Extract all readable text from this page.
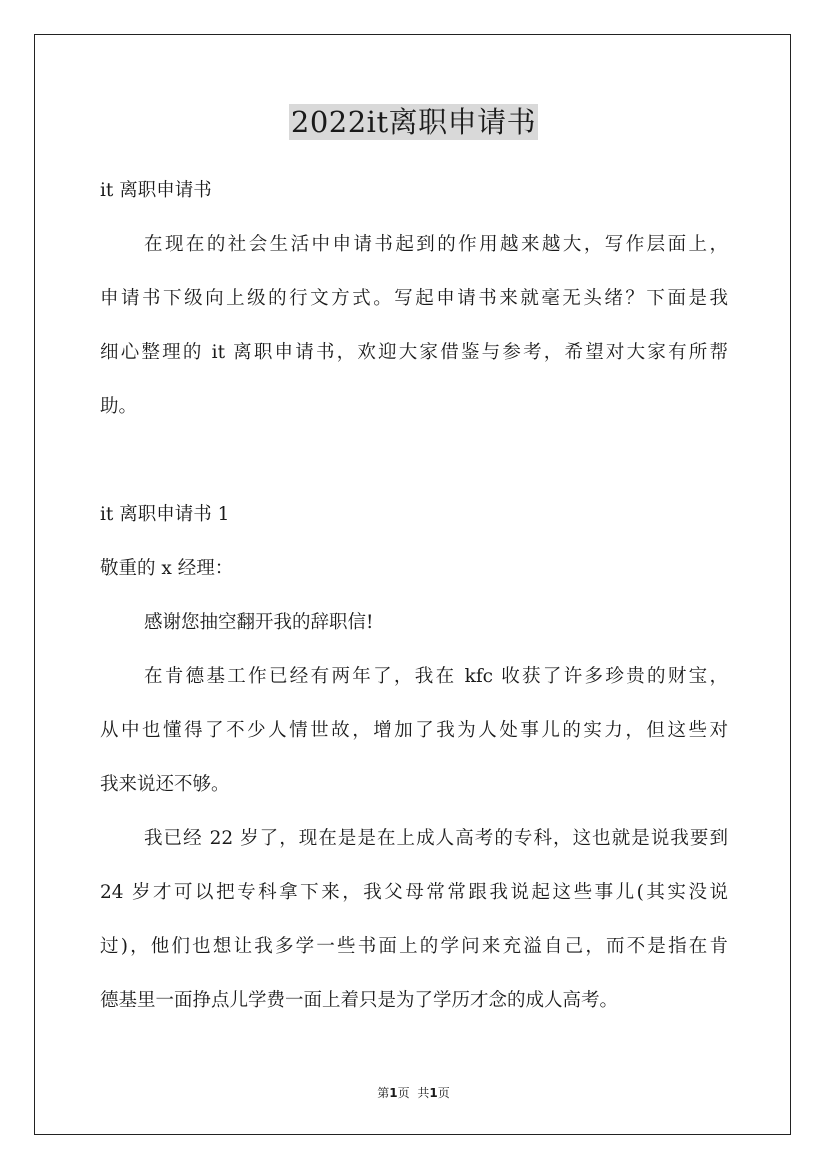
2022it离职申请书
it 离职申请书
在现在的社会生活中申请书起到的作用越来越大，写作层面上，
申请书下级向上级的行文方式。写起申请书来就毫无头绪？下面是我
细心整理的 it 离职申请书，欢迎大家借鉴与参考，希望对大家有所帮
助。
it 离职申请书 1
敬重的 x 经理：
感谢您抽空翻开我的辞职信!
在肯德基工作已经有两年了，我在 kfc 收获了许多珍贵的财宝，
从中也懂得了不少人情世故，增加了我为人处事儿的实力，但这些对
我来说还不够。
我已经 22 岁了，现在是是在上成人高考的专科，这也就是说我要到
24 岁才可以把专科拿下来，我父母常常跟我说起这些事儿(其实没说
过)，他们也想让我多学一些书面上的学问来充溢自己，而不是指在肯
德基里一面挣点儿学费一面上着只是为了学历才念的成人高考。
第1页 共1页
